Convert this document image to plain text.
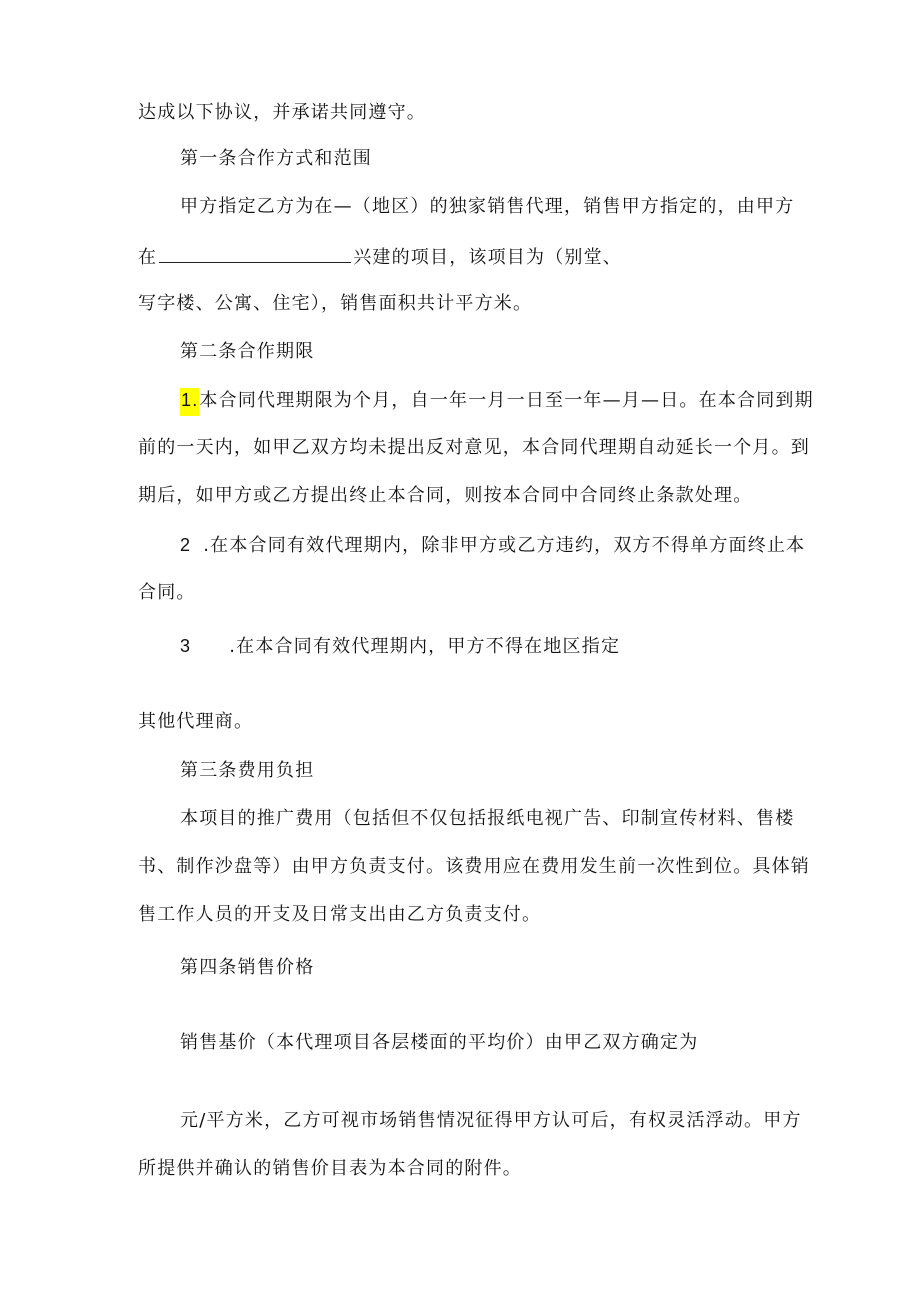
达成以下协议，并承诺共同遵守。
第一条合作方式和范围
甲方指定乙方为在—（地区）的独家销售代理，销售甲方指定的，由甲方
在	兴建的项目，该项目为（别堂、
写字楼、公寓、住宅），销售面积共计平方米。
第二条合作期限
1.本合同代理期限为个月，自一年一月一日至一年—月—日。在本合同到期
前的一天内，如甲乙双方均未提出反对意见，本合同代理期自动延长一个月。到
期后，如甲方或乙方提出终止本合同，则按本合同中合同终止条款处理。
2 .在本合同有效代理期内，除非甲方或乙方违约，双方不得单方面终止本
合同。
3 .在本合同有效代理期内，甲方不得在地区指定
其他代理商。
第三条费用负担
本项目的推广费用（包括但不仅包括报纸电视广告、印制宣传材料、售楼
书、制作沙盘等）由甲方负责支付。该费用应在费用发生前一次性到位。具体销
售工作人员的开支及日常支出由乙方负责支付。
第四条销售价格
销售基价（本代理项目各层楼面的平均价）由甲乙双方确定为
元/平方米，乙方可视市场销售情况征得甲方认可后，有权灵活浮动。甲方
所提供并确认的销售价目表为本合同的附件。
